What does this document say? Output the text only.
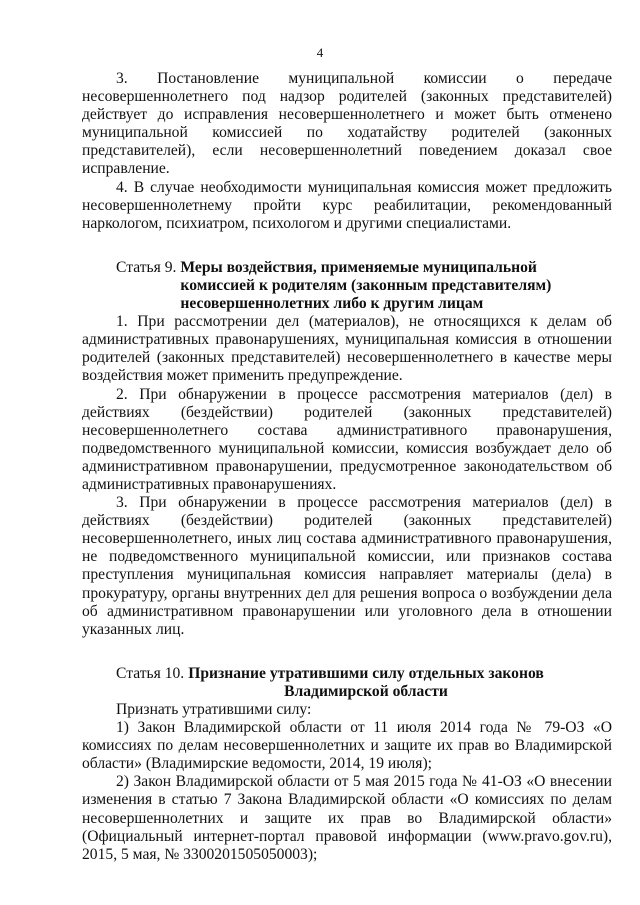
4

3. Постановление муниципальной комиссии о передаче несовершеннолетнего под надзор родителей (законных представителей) действует до исправления несовершеннолетнего и может быть отменено муниципальной комиссией по ходатайству родителей (законных представителей), если несовершеннолетний поведением доказал свое исправление.

4. В случае необходимости муниципальная комиссия может предложить несовершеннолетнему пройти курс реабилитации, рекомендованный наркологом, психиатром, психологом и другими специалистами.

Статья 9. Меры воздействия, применяемые муниципальной
комиссией к родителям (законным представителям)
несовершеннолетних либо к другим лицам

1. При рассмотрении дел (материалов), не относящихся к делам об административных правонарушениях, муниципальная комиссия в отношении родителей (законных представителей) несовершеннолетнего в качестве меры воздействия может применить предупреждение.

2. При обнаружении в процессе рассмотрения материалов (дел) в действиях (бездействии) родителей (законных представителей) несовершеннолетнего состава административного правонарушения, подведомственного муниципальной комиссии, комиссия возбуждает дело об административном правонарушении, предусмотренное законодательством об административных правонарушениях.

3. При обнаружении в процессе рассмотрения материалов (дел) в действиях (бездействии) родителей (законных представителей) несовершеннолетнего, иных лиц состава административного правонарушения, не подведомственного муниципальной комиссии, или признаков состава преступления муниципальная комиссия направляет материалы (дела) в прокуратуру, органы внутренних дел для решения вопроса о возбуждении дела об административном правонарушении или уголовного дела в отношении указанных лиц.

Статья 10. Признание утратившими силу отдельных законов
Владимирской области

Признать утратившими силу:

1) Закон Владимирской области от 11 июля 2014 года № 79-ОЗ «О комиссиях по делам несовершеннолетних и защите их прав во Владимирской области» (Владимирские ведомости, 2014, 19 июля);

2) Закон Владимирской области от 5 мая 2015 года № 41-ОЗ «О внесении изменения в статью 7 Закона Владимирской области «О комиссиях по делам несовершеннолетних и защите их прав во Владимирской области» (Официальный интернет-портал правовой информации (www.pravo.gov.ru), 2015, 5 мая, № 3300201505050003);
